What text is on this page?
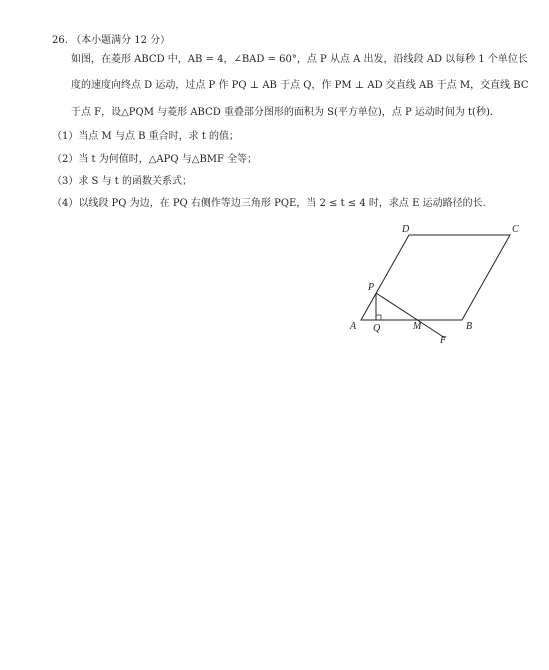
26. （本小题满分 12 分）
如图，在菱形 ABCD 中，AB = 4，∠BAD = 60°，点 P 从点 A 出发，沿线段 AD 以每秒 1 个单位长
度的速度向终点 D 运动，过点 P 作 PQ ⊥ AB 于点 Q，作 PM ⊥ AD 交直线 AB 于点 M，交直线 BC
于点 F，设△PQM 与菱形 ABCD 重叠部分图形的面积为 S(平方单位)，点 P 运动时间为 t(秒)．
（1）当点 M 与点 B 重合时，求 t 的值；
（2）当 t 为何值时，△APQ 与△BMF 全等；
（3）求 S 与 t 的函数关系式；
（4）以线段 PQ 为边，在 PQ 右侧作等边三角形 PQE，当 2 ≤ t ≤ 4 时，求点 E 运动路径的长.
D	C
P
A Q	M	B
F
